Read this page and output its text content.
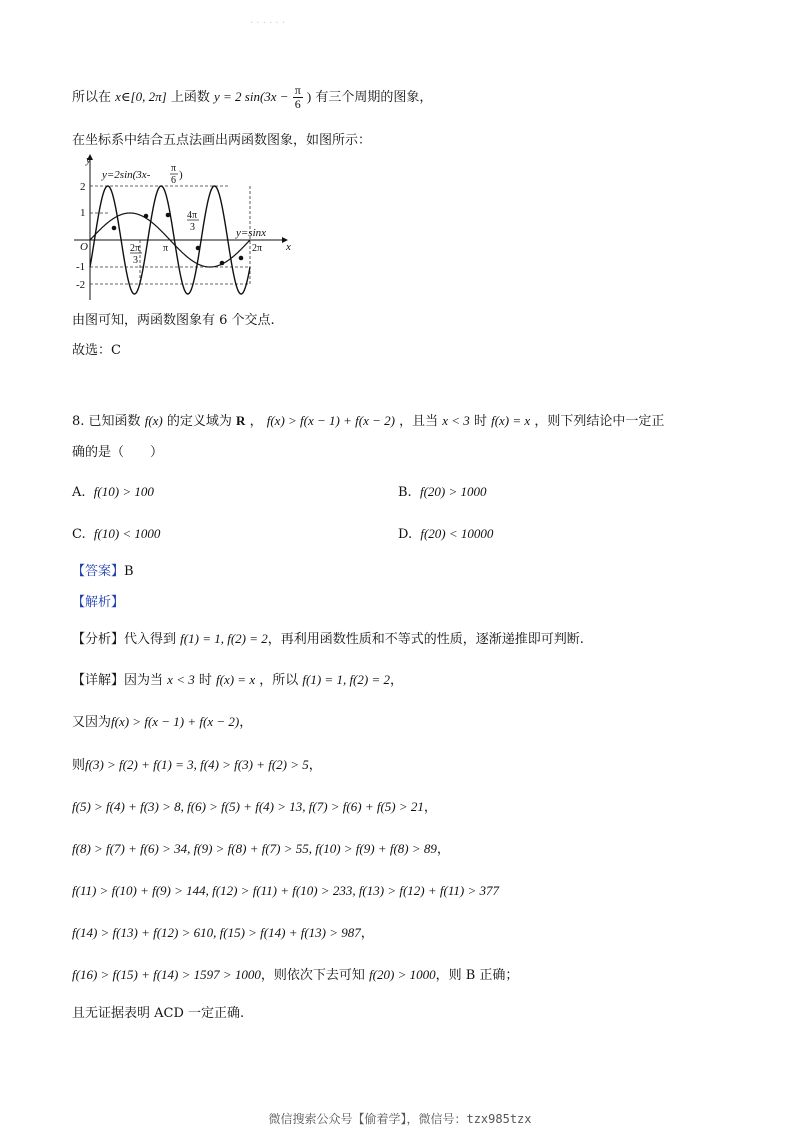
· · · · · ·
所以在 x∈[0, 2π] 上函数 y = 2 $\sin(3x - \frac{\pi}{6}$ ) 有三个周期的图象，
在坐标系中结合五点法画出两函数图象，如图所示：
y
x
O
2
1
-1
-2
y=2sin(3x-
π
6 )
y=sinx
2π
3
π
4π
3
2π
由图可知，两函数图象有 6 个交点.
故选：C
8. 已知函数 f(x) 的定义域为 R ， f(x) > f(x − 1) + f(x − 2) ，且当 x < 3 时 f(x) = x ，则下列结论中一定正
确的是（　　）
A. f(10) > 100	B. f(20) > 1000
C. f(10) < 1000	D. f(20) < 10000
【答案】B
【解析】
【分析】代入得到 f(1) = 1, f(2) = 2，再利用函数性质和不等式的性质，逐渐递推即可判断.
【详解】因为当 x < 3 时 f(x) = x ，所以 f(1) = 1, f(2) = 2，
又因为f(x) > f(x − 1) + f(x − 2)，
则f(3) > f(2) + f(1) = 3, f(4) > f(3) + f(2) > 5，
f(5) > f(4) + f(3) > 8, f(6) > f(5) + f(4) > 13, f(7) > f(6) + f(5) > 21，
f(8) > f(7) + f(6) > 34, f(9) > f(8) + f(7) > 55, f(10) > f(9) + f(8) > 89，
f(11) > f(10) + f(9) > 144, f(12) > f(11) + f(10) > 233, f(13) > f(12) + f(11) > 377
f(14) > f(13) + f(12) > 610, f(15) > f(14) + f(13) > 987，
f(16) > f(15) + f(14) > 1597 > 1000，则依次下去可知 f(20) > 1000，则 B 正确；
且无证据表明 ACD 一定正确.
微信搜索公众号【偷着学】，微信号：tzx985tzx
